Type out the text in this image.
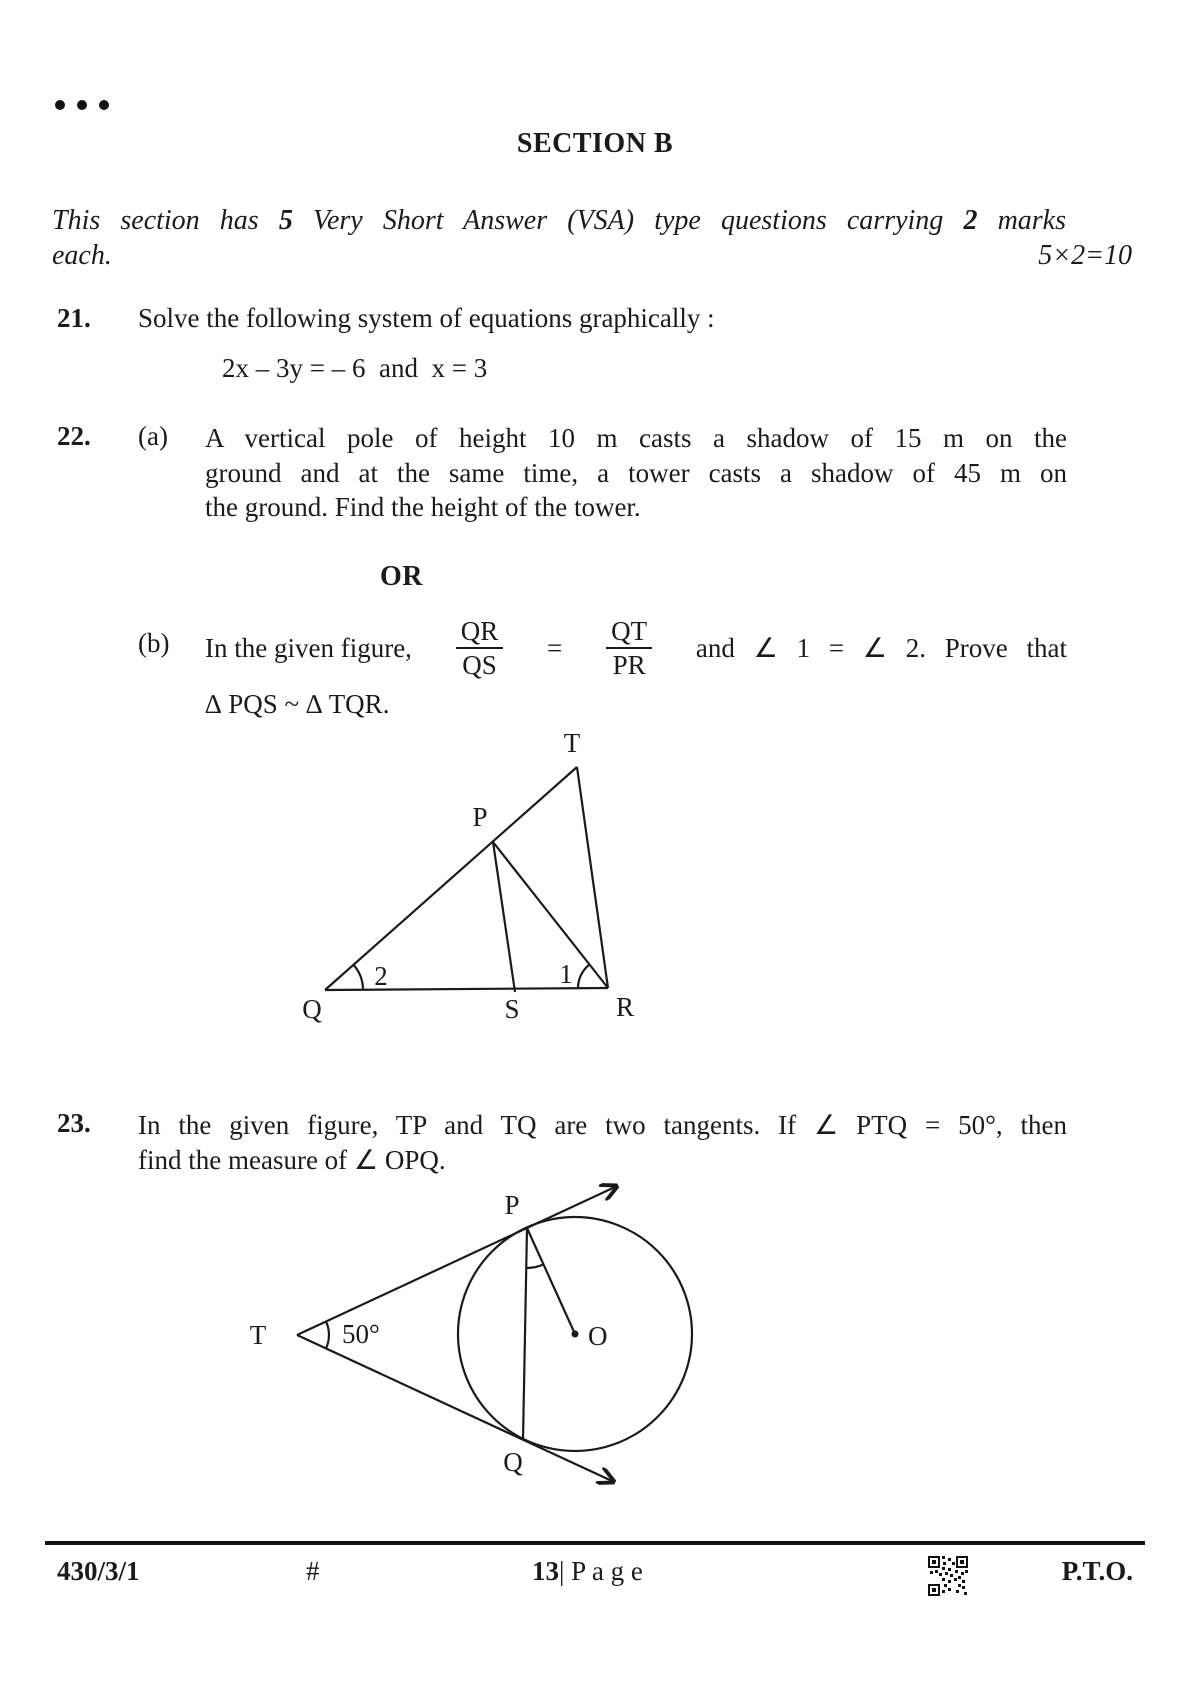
SECTION B
This section has 5 Very Short Answer (VSA) type questions carrying 2 marks
each.	5×2=10
21. Solve the following system of equations graphically :
2x – 3y = – 6  and  x = 3
22. (a) A vertical pole of height 10 m casts a shadow of 15 m on the
ground and at the same time, a tower casts a shadow of 45 m on
the ground. Find the height of the tower.
OR
(b) In the given figure, $\frac{QR}{QS} = \frac{QT}{PR}$ and ∠ 1 = ∠ 2. Prove that
∆ PQS ~ ∆ TQR.
T
P
Q	S	R
2	1
23. In the given figure, TP and TQ are two tangents. If ∠ PTQ = 50°, then
find the measure of ∠ OPQ.
P
T
Q
O
50°
430/3/1	#	13| P a g e	P.T.O.
